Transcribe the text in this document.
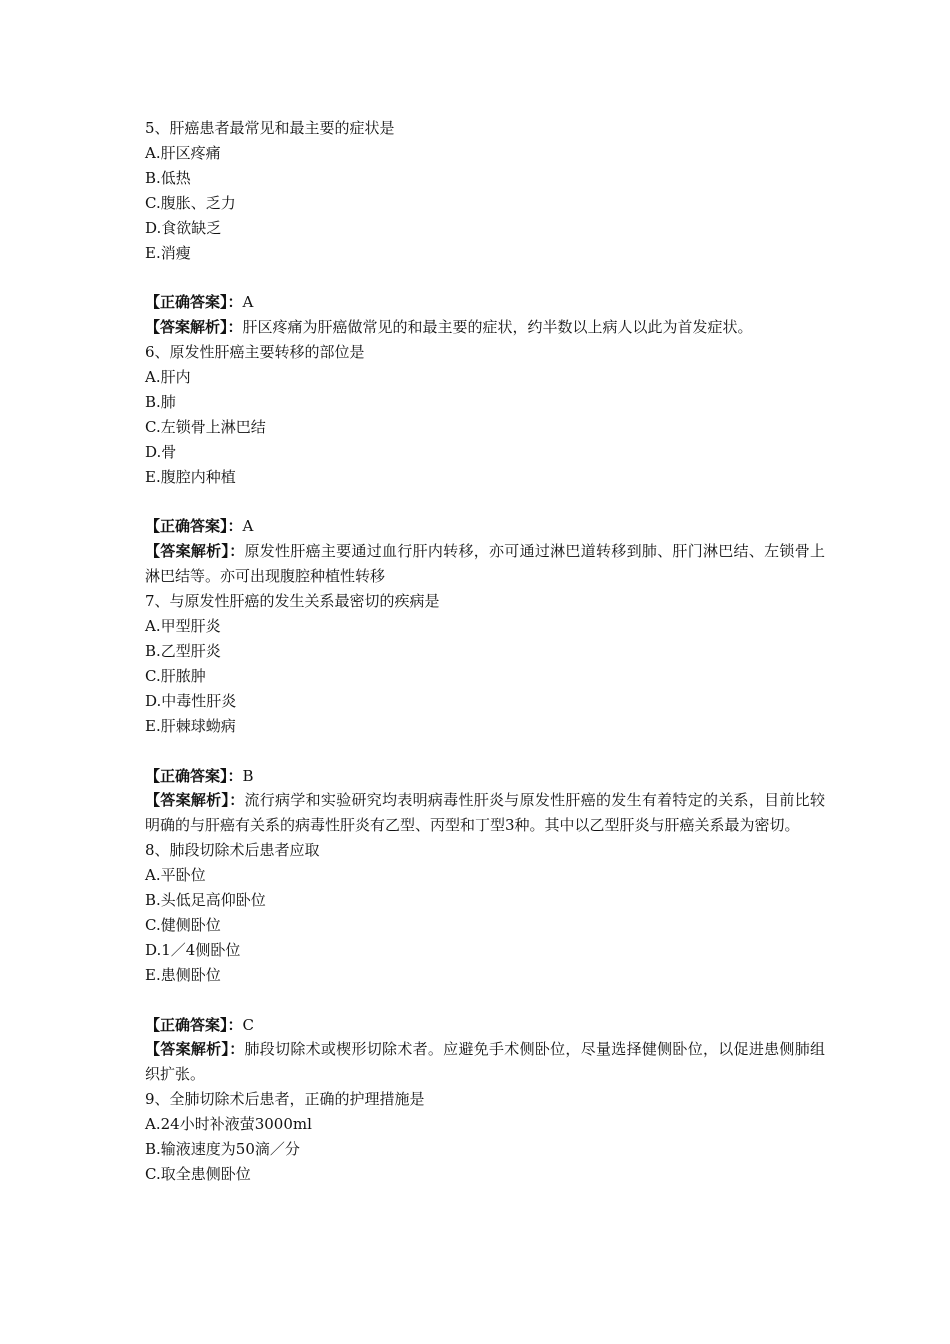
5、肝癌患者最常见和最主要的症状是
A.肝区疼痛
B.低热
C.腹胀、乏力
D.食欲缺乏
E.消瘦
【正确答案】：A
【答案解析】：肝区疼痛为肝癌做常见的和最主要的症状，约半数以上病人以此为首发症状。
6、原发性肝癌主要转移的部位是
A.肝内
B.肺
C.左锁骨上淋巴结
D.骨
E.腹腔内种植
【正确答案】：A
【答案解析】：原发性肝癌主要通过血行肝内转移，亦可通过淋巴道转移到肺、肝门淋巴结、左锁骨上淋巴结等。亦可出现腹腔种植性转移
7、与原发性肝癌的发生关系最密切的疾病是
A.甲型肝炎
B.乙型肝炎
C.肝脓肿
D.中毒性肝炎
E.肝棘球蚴病
【正确答案】：B
【答案解析】：流行病学和实验研究均表明病毒性肝炎与原发性肝癌的发生有着特定的关系，目前比较明确的与肝癌有关系的病毒性肝炎有乙型、丙型和丁型3种。其中以乙型肝炎与肝癌关系最为密切。
8、肺段切除术后患者应取
A.平卧位
B.头低足高仰卧位
C.健侧卧位
D.1／4侧卧位
E.患侧卧位
【正确答案】：C
【答案解析】：肺段切除术或楔形切除术者。应避免手术侧卧位，尽量选择健侧卧位，以促进患侧肺组织扩张。
9、全肺切除术后患者，正确的护理措施是
A.24小时补液萤3000ml
B.输液速度为50滴／分
C.取全患侧卧位
